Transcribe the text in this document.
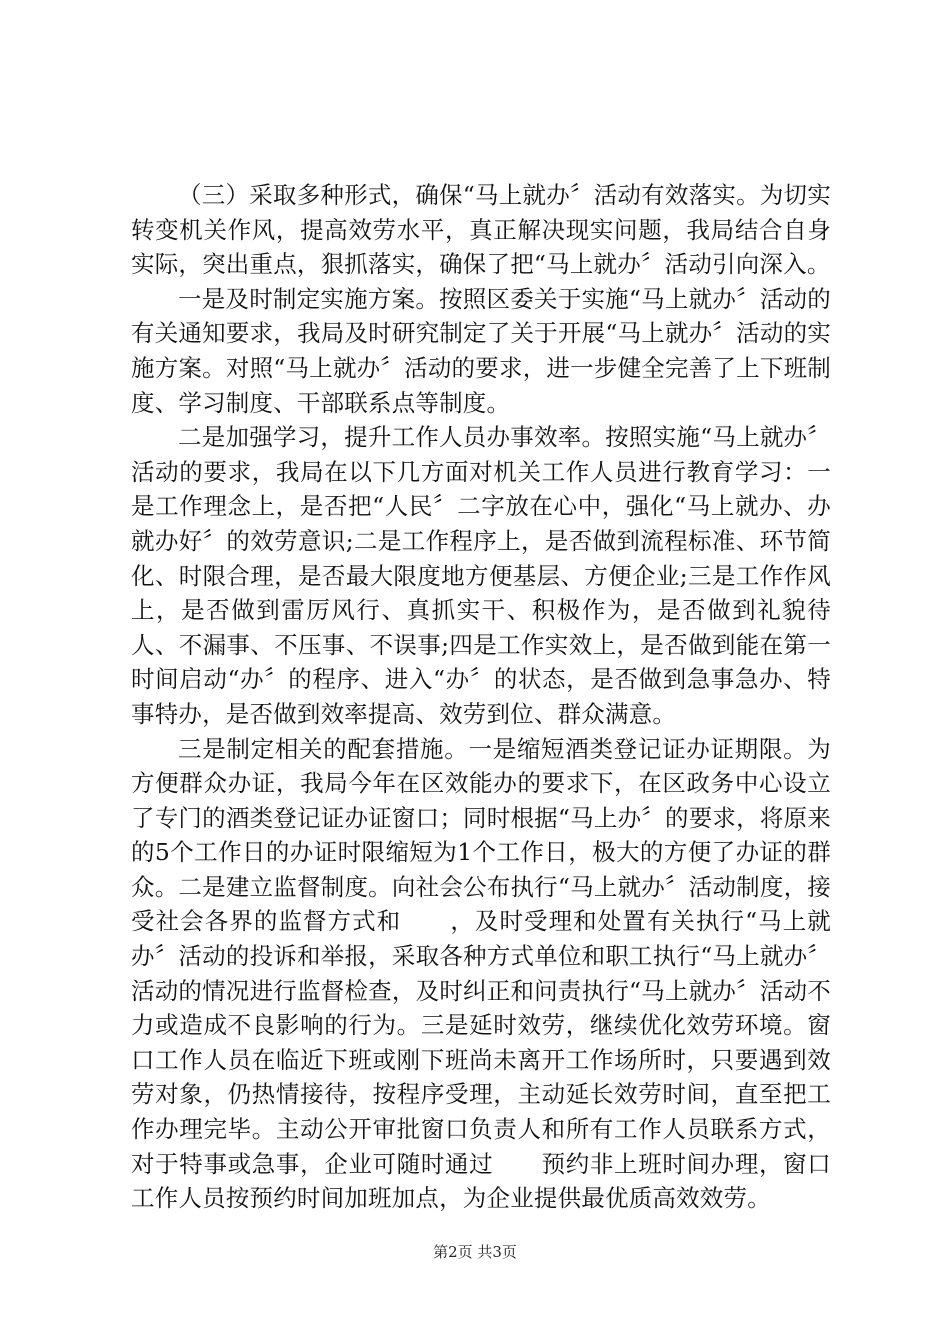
（三）采取多种形式，确保“马上就办〞活动有效落实。为切实转变机关作风，提高效劳水平，真正解决现实问题，我局结合自身实际，突出重点，狠抓落实，确保了把“马上就办〞活动引向深入。

一是及时制定实施方案。按照区委关于实施“马上就办〞活动的有关通知要求，我局及时研究制定了关于开展“马上就办〞活动的实施方案。对照“马上就办〞活动的要求，进一步健全完善了上下班制度、学习制度、干部联系点等制度。

二是加强学习，提升工作人员办事效率。按照实施“马上就办〞活动的要求，我局在以下几方面对机关工作人员进行教育学习：一是工作理念上，是否把“人民〞二字放在心中，强化“马上就办、办就办好〞的效劳意识;二是工作程序上，是否做到流程标准、环节简化、时限合理，是否最大限度地方便基层、方便企业;三是工作作风上，是否做到雷厉风行、真抓实干、积极作为，是否做到礼貌待人、不漏事、不压事、不误事;四是工作实效上，是否做到能在第一时间启动“办〞的程序、进入“办〞的状态，是否做到急事急办、特事特办，是否做到效率提高、效劳到位、群众满意。

三是制定相关的配套措施。一是缩短酒类登记证办证期限。为方便群众办证，我局今年在区效能办的要求下，在区政务中心设立了专门的酒类登记证办证窗口；同时根据“马上办〞的要求，将原来的5个工作日的办证时限缩短为1个工作日，极大的方便了办证的群众。二是建立监督制度。向社会公布执行“马上就办〞活动制度，接受社会各界的监督方式和　　，及时受理和处置有关执行“马上就办〞活动的投诉和举报，采取各种方式单位和职工执行“马上就办〞活动的情况进行监督检查，及时纠正和问责执行“马上就办〞活动不力或造成不良影响的行为。三是延时效劳，继续优化效劳环境。窗口工作人员在临近下班或刚下班尚未离开工作场所时，只要遇到效劳对象，仍热情接待，按程序受理，主动延长效劳时间，直至把工作办理完毕。主动公开审批窗口负责人和所有工作人员联系方式，对于特事或急事，企业可随时通过　　预约非上班时间办理，窗口工作人员按预约时间加班加点，为企业提供最优质高效效劳。

第2页 共3页
